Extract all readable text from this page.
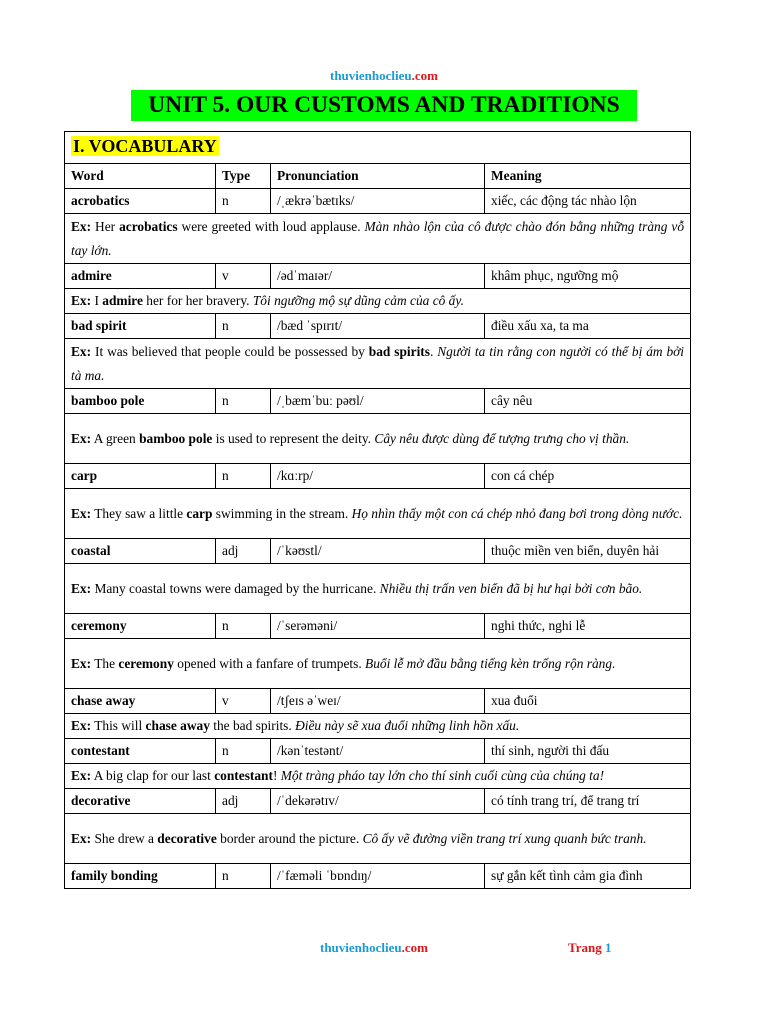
thuvienhoclieu.com
UNIT 5. OUR CUSTOMS AND TRADITIONS
I. VOCABULARY			
Word	Type	Pronunciation	Meaning
acrobatics	n	/ˌækrəˈbætɪks/	xiếc, các động tác nhào lộn
Ex: Her acrobatics were greeted with loud applause. Màn nhào lộn của cô được chào đón bằng những tràng vỗ tay lớn.			
admire	v	/ədˈmaɪər/	khâm phục, ngưỡng mộ
Ex: I admire her for her bravery. Tôi ngưỡng mộ sự dũng cảm của cô ấy.			
bad spirit	n	/bæd ˈspɪrɪt/	điều xấu xa, ta ma
Ex: It was believed that people could be possessed by bad spirits. Người ta tin rằng con người có thể bị ám bởi tà ma.			
bamboo pole	n	/ˌbæmˈbuː pəʊl/	cây nêu
Ex: A green bamboo pole is used to represent the deity. Cây nêu được dùng để tượng trưng cho vị thần.			
carp	n	/kɑːrp/	con cá chép
Ex: They saw a little carp swimming in the stream. Họ nhìn thấy một con cá chép nhỏ đang bơi trong dòng nước.			
coastal	adj	/ˈkəʊstl/	thuộc miền ven biển, duyên hải
Ex: Many coastal towns were damaged by the hurricane. Nhiều thị trấn ven biển đã bị hư hại bởi cơn bão.			
ceremony	n	/ˈserəməni/	nghi thức, nghi lễ
Ex: The ceremony opened with a fanfare of trumpets. Buổi lễ mở đầu bằng tiếng kèn trống rộn ràng.			
chase away	v	/tʃeɪs əˈweɪ/	xua đuổi
Ex: This will chase away the bad spirits. Điều này sẽ xua đuổi những linh hồn xấu.			
contestant	n	/kənˈtestənt/	thí sinh, người thi đấu
Ex: A big clap for our last contestant! Một tràng pháo tay lớn cho thí sinh cuối cùng của chúng ta!			
decorative	adj	/ˈdekərətɪv/	có tính trang trí, để trang trí
Ex: She drew a decorative border around the picture. Cô ấy vẽ đường viền trang trí xung quanh bức tranh.			
family bonding	n	/ˈfæməli ˈbɒndɪŋ/	sự gắn kết tình cảm gia đình
thuvienhoclieu.com	Trang 1
